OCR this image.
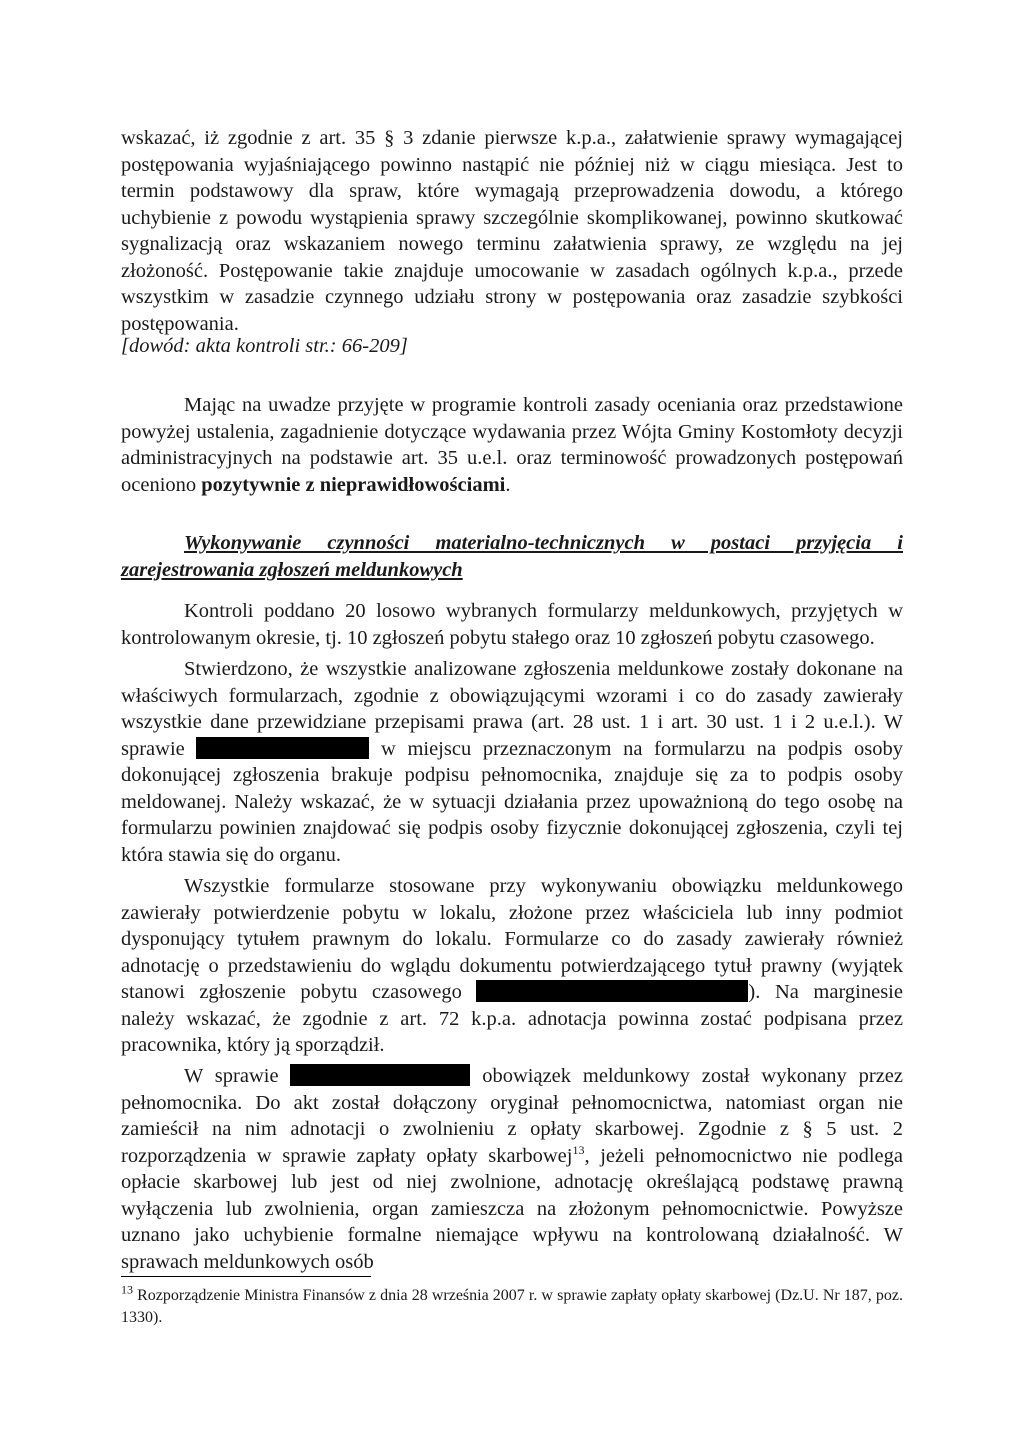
wskazać, iż zgodnie z art. 35 § 3 zdanie pierwsze k.p.a., załatwienie sprawy wymagającej postępowania wyjaśniającego powinno nastąpić nie później niż w ciągu miesiąca. Jest to termin podstawowy dla spraw, które wymagają przeprowadzenia dowodu, a którego uchybienie z powodu wystąpienia sprawy szczególnie skomplikowanej, powinno skutkować sygnalizacją oraz wskazaniem nowego terminu załatwienia sprawy, ze względu na jej złożoność. Postępowanie takie znajduje umocowanie w zasadach ogólnych k.p.a., przede wszystkim w zasadzie czynnego udziału strony w postępowania oraz zasadzie szybkości postępowania.

[dowód: akta kontroli str.: 66-209]

Mając na uwadze przyjęte w programie kontroli zasady oceniania oraz przedstawione powyżej ustalenia, zagadnienie dotyczące wydawania przez Wójta Gminy Kostomłoty decyzji administracyjnych na podstawie art. 35 u.e.l. oraz terminowość prowadzonych postępowań oceniono pozytywnie z nieprawidłowościami.

Wykonywanie czynności materialno-technicznych w postaci przyjęcia i zarejestrowania zgłoszeń meldunkowych

Kontroli poddano 20 losowo wybranych formularzy meldunkowych, przyjętych w kontrolowanym okresie, tj. 10 zgłoszeń pobytu stałego oraz 10 zgłoszeń pobytu czasowego.

Stwierdzono, że wszystkie analizowane zgłoszenia meldunkowe zostały dokonane na właściwych formularzach, zgodnie z obowiązującymi wzorami i co do zasady zawierały wszystkie dane przewidziane przepisami prawa (art. 28 ust. 1 i art. 30 ust. 1 i 2 u.e.l.). W sprawie	w miejscu przeznaczonym na formularzu na podpis osoby dokonującej zgłoszenia brakuje podpisu pełnomocnika, znajduje się za to podpis osoby meldowanej. Należy wskazać, że w sytuacji działania przez upoważnioną do tego osobę na formularzu powinien znajdować się podpis osoby fizycznie dokonującej zgłoszenia, czyli tej która stawia się do organu.

Wszystkie formularze stosowane przy wykonywaniu obowiązku meldunkowego zawierały potwierdzenie pobytu w lokalu, złożone przez właściciela lub inny podmiot dysponujący tytułem prawnym do lokalu. Formularze co do zasady zawierały również adnotację o przedstawieniu do wglądu dokumentu potwierdzającego tytuł prawny (wyjątek stanowi zgłoszenie pobytu czasowego	). Na marginesie należy wskazać, że zgodnie z art. 72 k.p.a. adnotacja powinna zostać podpisana przez pracownika, który ją sporządził.

W sprawie	obowiązek meldunkowy został wykonany przez pełnomocnika. Do akt został dołączony oryginał pełnomocnictwa, natomiast organ nie zamieścił na nim adnotacji o zwolnieniu z opłaty skarbowej. Zgodnie z § 5 ust. 2 rozporządzenia w sprawie zapłaty opłaty skarbowej$^{13}$, jeżeli pełnomocnictwo nie podlega opłacie skarbowej lub jest od niej zwolnione, adnotację określającą podstawę prawną wyłączenia lub zwolnienia, organ zamieszcza na złożonym pełnomocnictwie. Powyższe uznano jako uchybienie formalne niemające wpływu na kontrolowaną działalność. W sprawach meldunkowych osób

$^{13}$ Rozporządzenie Ministra Finansów z dnia 28 września 2007 r. w sprawie zapłaty opłaty skarbowej (Dz.U. Nr 187, poz. 1330).
